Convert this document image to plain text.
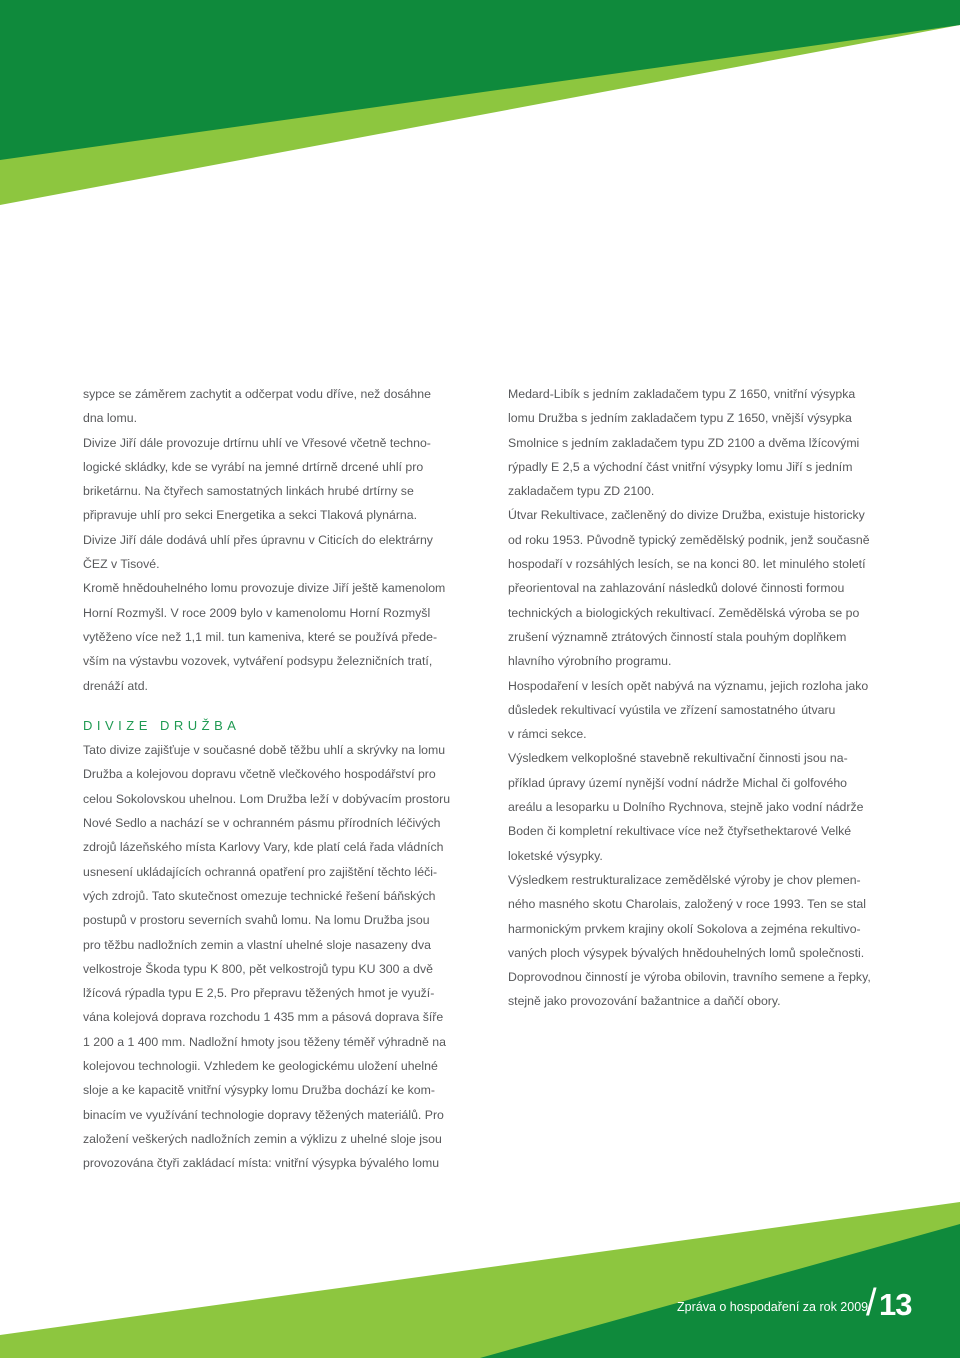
sypce se záměrem zachytit a odčerpat vodu dříve, než dosáhne
dna lomu.
Divize Jiří dále provozuje drtírnu uhlí ve Vřesové včetně techno-
logické skládky, kde se vyrábí na jemné drtírně drcené uhlí pro
briketárnu. Na čtyřech samostatných linkách hrubé drtírny se
připravuje uhlí pro sekci Energetika a sekci Tlaková plynárna.
Divize Jiří dále dodává uhlí přes úpravnu v Citicích do elektrárny
ČEZ v Tisové.
Kromě hnědouhelného lomu provozuje divize Jiří ještě kamenolom
Horní Rozmyšl. V roce 2009 bylo v kamenolomu Horní Rozmyšl
vytěženo více než 1,1 mil. tun kameniva, které se používá přede-
vším na výstavbu vozovek, vytváření podsypu železničních tratí,
drenáží atd.
DIVIZE DRUŽBA
Tato divize zajišťuje v současné době těžbu uhlí a skrývky na lomu
Družba a kolejovou dopravu včetně vlečkového hospodářství pro
celou Sokolovskou uhelnou. Lom Družba leží v dobývacím prostoru
Nové Sedlo a nachází se v ochranném pásmu přírodních léčivých
zdrojů lázeňského místa Karlovy Vary, kde platí celá řada vládních
usnesení ukládajících ochranná opatření pro zajištění těchto léči-
vých zdrojů. Tato skutečnost omezuje technické řešení báňských
postupů v prostoru severních svahů lomu. Na lomu Družba jsou
pro těžbu nadložních zemin a vlastní uhelné sloje nasazeny dva
velkostroje Škoda typu K 800, pět velkostrojů typu KU 300 a dvě
lžícová rýpadla typu E 2,5. Pro přepravu těžených hmot je využí-
vána kolejová doprava rozchodu 1 435 mm a pásová doprava šíře
1 200 a 1 400 mm. Nadložní hmoty jsou těženy téměř výhradně na
kolejovou technologii. Vzhledem ke geologickému uložení uhelné
sloje a ke kapacitě vnitřní výsypky lomu Družba dochází ke kom-
binacím ve využívání technologie dopravy těžených materiálů. Pro
založení veškerých nadložních zemin a výklizu z uhelné sloje jsou
provozována čtyři zakládací místa: vnitřní výsypka bývalého lomu
Medard-Libík s jedním zakladačem typu Z 1650, vnitřní výsypka
lomu Družba s jedním zakladačem typu Z 1650, vnější výsypka
Smolnice s jedním zakladačem typu ZD 2100 a dvěma lžícovými
rýpadly E 2,5 a východní část vnitřní výsypky lomu Jiří s jedním
zakladačem typu ZD 2100.
Útvar Rekultivace, začleněný do divize Družba, existuje historicky
od roku 1953. Původně typický zemědělský podnik, jenž současně
hospodaří v rozsáhlých lesích, se na konci 80. let minulého století
přeorientoval na zahlazování následků dolové činnosti formou
technických a biologických rekultivací. Zemědělská výroba se po
zrušení významně ztrátových činností stala pouhým doplňkem
hlavního výrobního programu.
Hospodaření v lesích opět nabývá na významu, jejich rozloha jako
důsledek rekultivací vyústila ve zřízení samostatného útvaru
v rámci sekce.
Výsledkem velkoplošné stavebně rekultivační činnosti jsou na-
příklad úpravy území nynější vodní nádrže Michal či golfového
areálu a lesoparku u Dolního Rychnova, stejně jako vodní nádrže
Boden či kompletní rekultivace více než čtyřsethektarové Velké
loketské výsypky.
Výsledkem restrukturalizace zemědělské výroby je chov plemen-
ného masného skotu Charolais, založený v roce 1993. Ten se stal
harmonickým prvkem krajiny okolí Sokolova a zejména rekultivo-
vaných ploch výsypek bývalých hnědouhelných lomů společnosti.
Doprovodnou činností je výroba obilovin, travního semene a řepky,
stejně jako provozování bažantnice a daňčí obory.
Zpráva o hospodaření za rok 2009
/ 13
